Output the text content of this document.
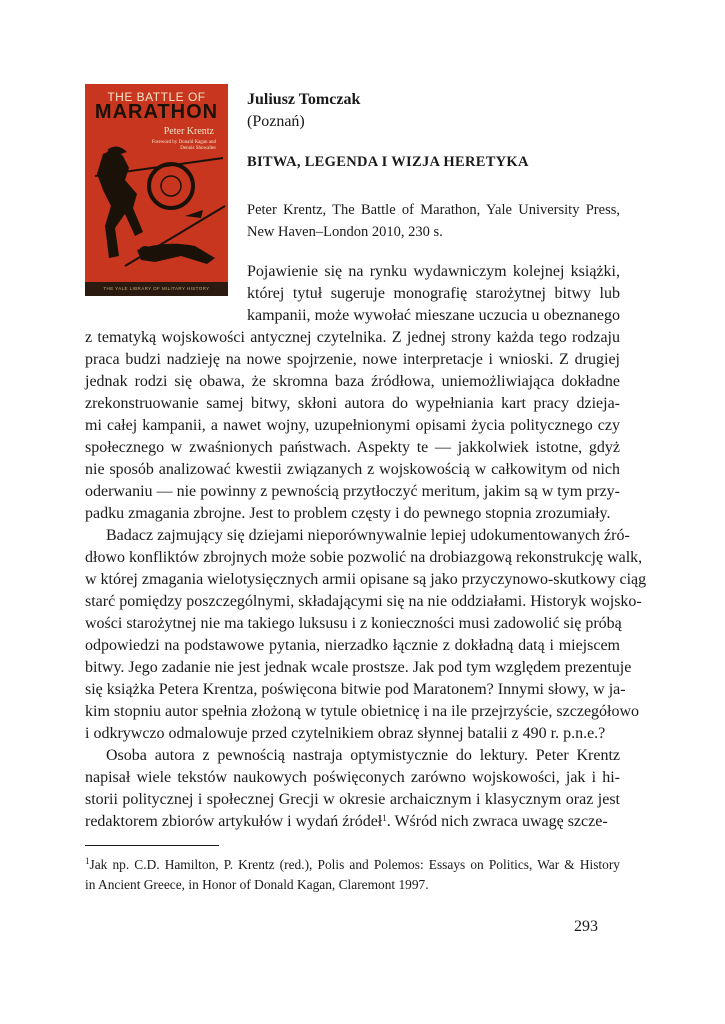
THE BATTLE OF
MARATHON
Peter Krentz
Foreword by Donald Kagan and Dennis Showalter
THE YALE LIBRARY OF MILITARY HISTORY
Juliusz Tomczak
(Poznań)
BITWA, LEGENDA I WIZJA HERETYKA
Peter Krentz, The Battle of Marathon, Yale University Press, New Haven–London 2010, 230 s.
Pojawienie się na rynku wydawniczym kolejnej książki,
której tytuł sugeruje monografię starożytnej bitwy lub
kampanii, może wywołać mieszane uczucia u obeznanego
z tematyką wojskowości antycznej czytelnika. Z jednej strony każda tego rodzaju
praca budzi nadzieję na nowe spojrzenie, nowe interpretacje i wnioski. Z drugiej
jednak rodzi się obawa, że skromna baza źródłowa, uniemożliwiająca dokładne
zrekonstruowanie samej bitwy, skłoni autora do wypełniania kart pracy dzieja-
mi całej kampanii, a nawet wojny, uzupełnionymi opisami życia politycznego czy
społecznego w zwaśnionych państwach. Aspekty te — jakkolwiek istotne, gdyż
nie sposób analizować kwestii związanych z wojskowością w całkowitym od nich
oderwaniu — nie powinny z pewnością przytłoczyć meritum, jakim są w tym przy-
padku zmagania zbrojne. Jest to problem częsty i do pewnego stopnia zrozumiały.
Badacz zajmujący się dziejami nieporównywalnie lepiej udokumentowanych źró-
dłowo konfliktów zbrojnych może sobie pozwolić na drobiazgową rekonstrukcję walk,
w której zmagania wielotysięcznych armii opisane są jako przyczynowo-skutkowy ciąg
starć pomiędzy poszczególnymi, składającymi się na nie oddziałami. Historyk wojsko-
wości starożytnej nie ma takiego luksusu i z konieczności musi zadowolić się próbą
odpowiedzi na podstawowe pytania, nierzadko łącznie z dokładną datą i miejscem
bitwy. Jego zadanie nie jest jednak wcale prostsze. Jak pod tym względem prezentuje
się książka Petera Krentza, poświęcona bitwie pod Maratonem? Innymi słowy, w ja-
kim stopniu autor spełnia złożoną w tytule obietnicę i na ile przejrzyście, szczegółowo
i odkrywczo odmalowuje przed czytelnikiem obraz słynnej batalii z 490 r. p.n.e.?
Osoba autora z pewnością nastraja optymistycznie do lektury. Peter Krentz
napisał wiele tekstów naukowych poświęconych zarówno wojskowości, jak i hi-
storii politycznej i społecznej Grecji w okresie archaicznym i klasycznym oraz jest
redaktorem zbiorów artykułów i wydań źródeł$^1$. Wśród nich zwraca uwagę szcze-
$^1$Jak np. C.D. Hamilton, P. Krentz (red.), Polis and Polemos: Essays on Politics, War & History
in Ancient Greece, in Honor of Donald Kagan, Claremont 1997.
293
